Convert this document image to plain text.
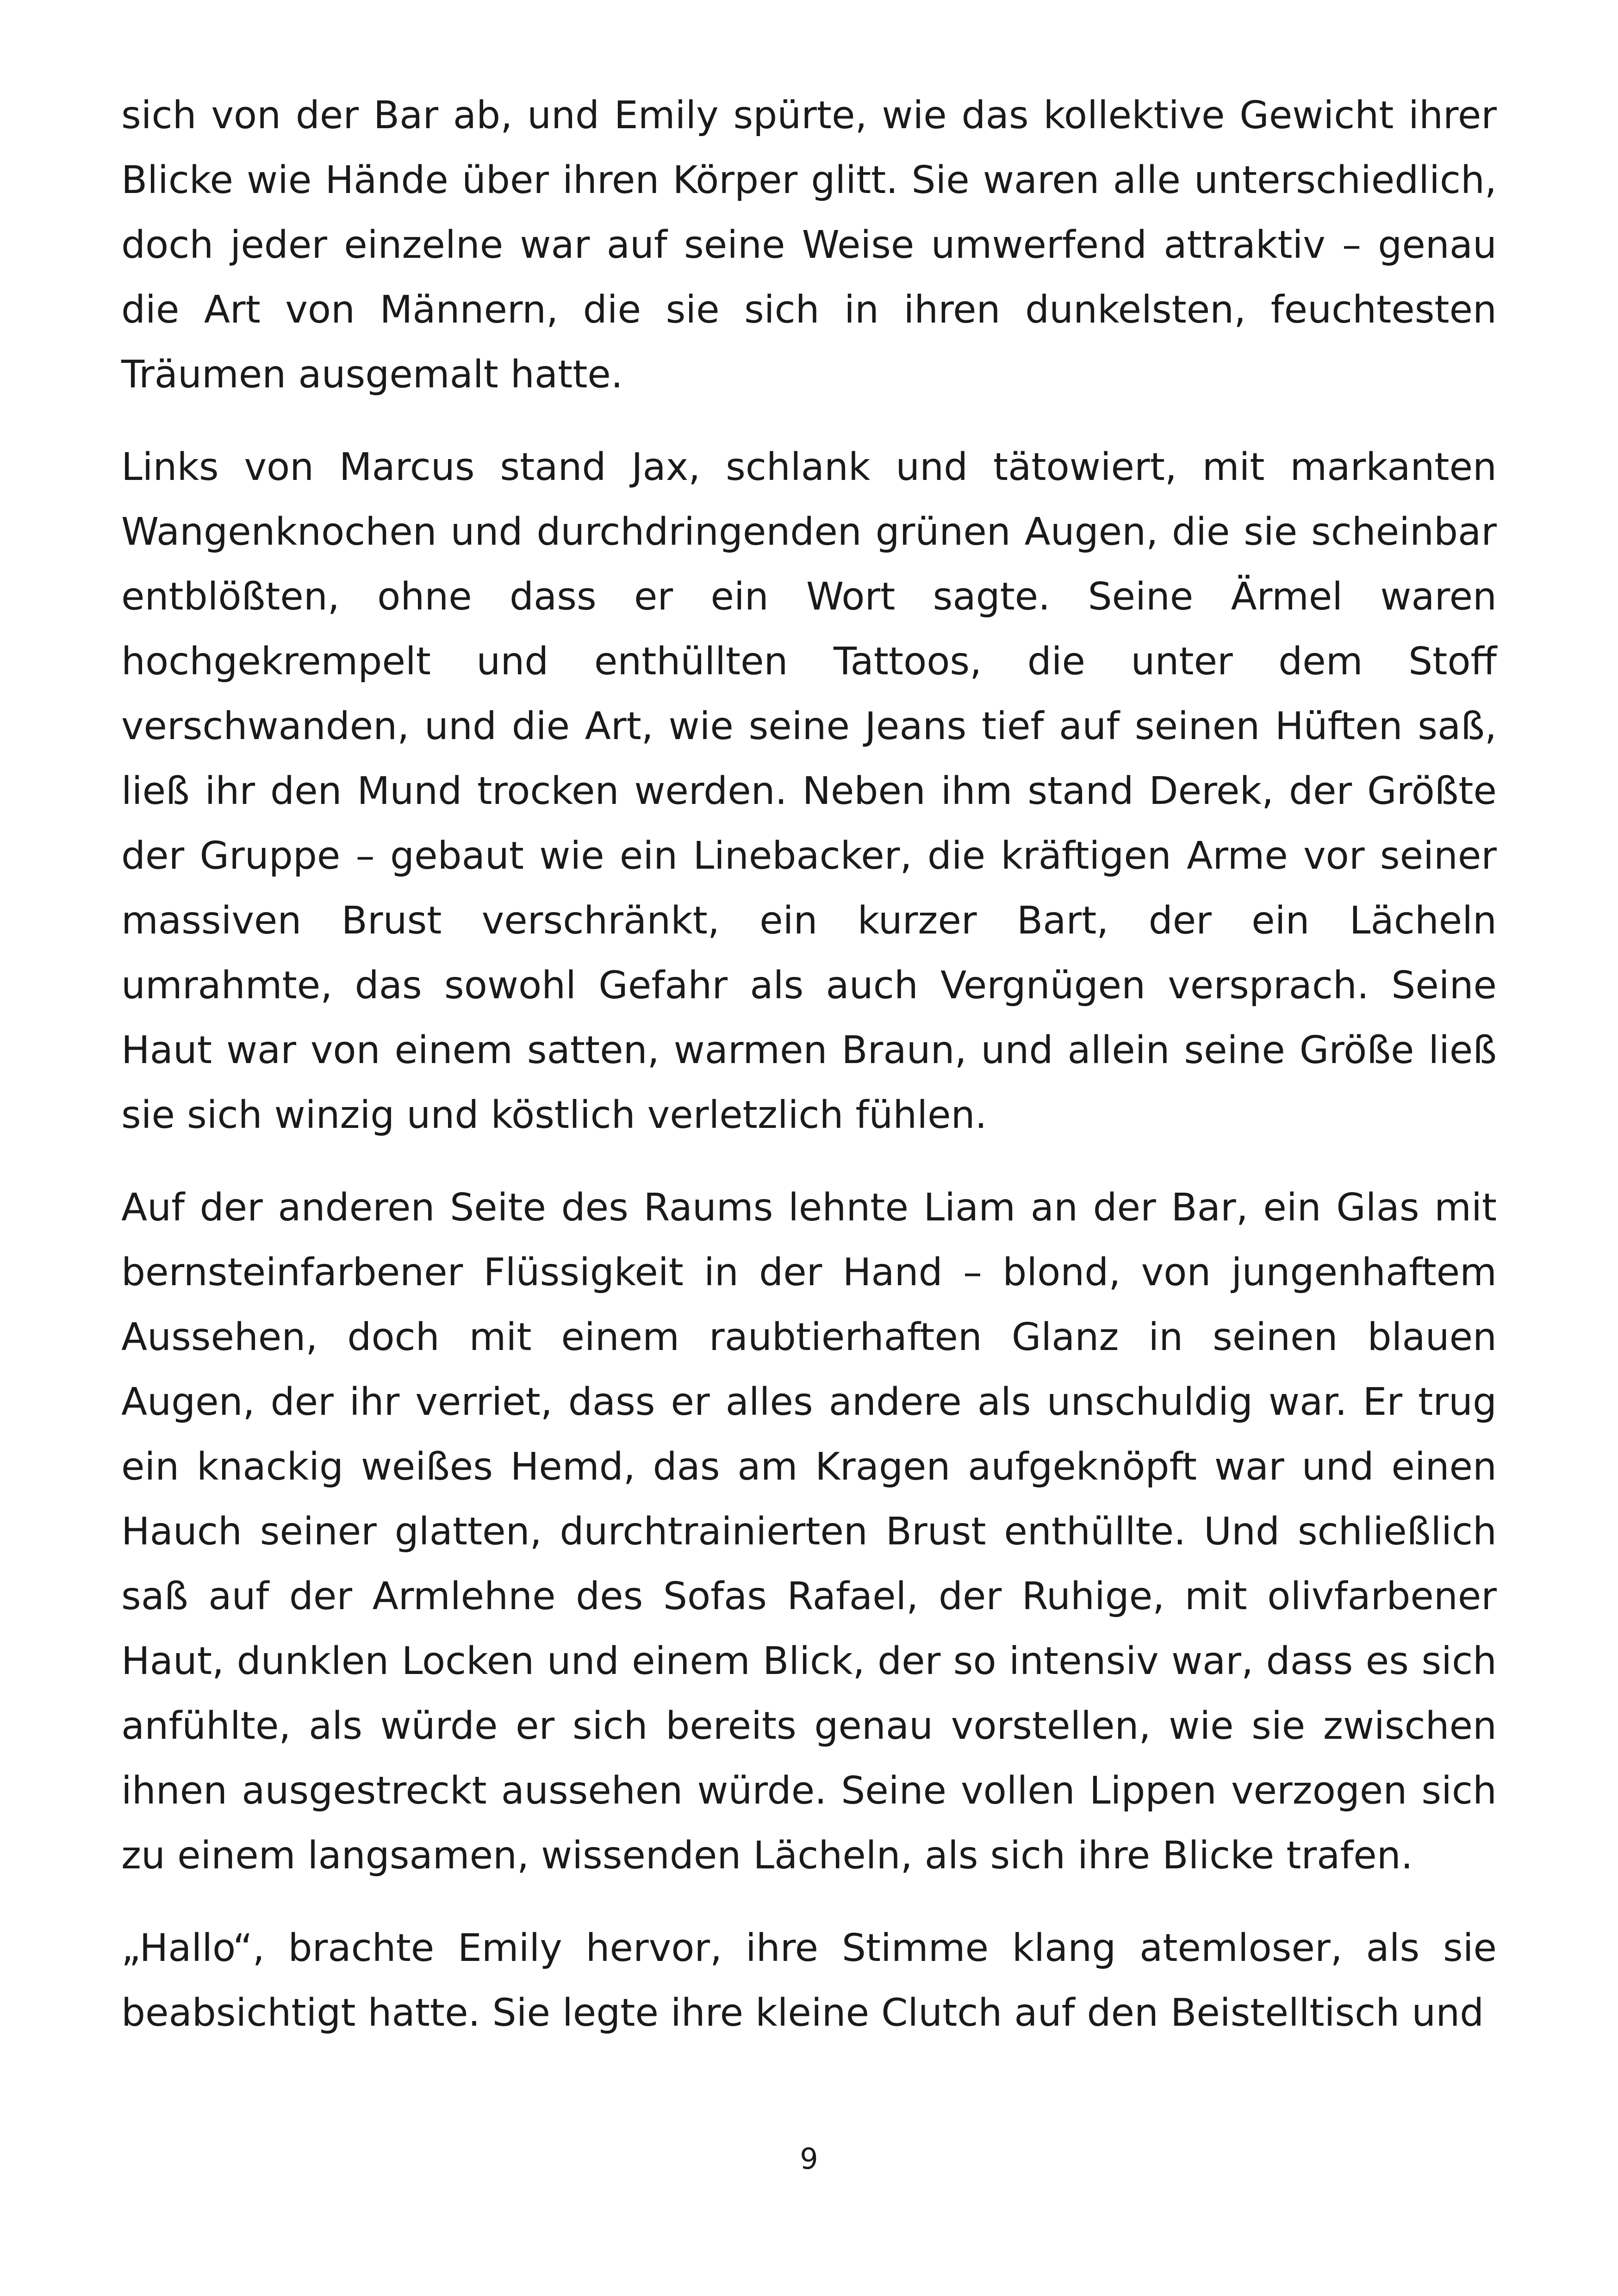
sich von der Bar ab, und Emily spürte, wie das kollektive Gewicht ihrer Blicke wie Hände über ihren Körper glitt. Sie waren alle unterschiedlich, doch jeder einzelne war auf seine Weise umwerfend attraktiv – genau die Art von Männern, die sie sich in ihren dunkelsten, feuchtesten Träumen ausgemalt hatte.

Links von Marcus stand Jax, schlank und tätowiert, mit markanten Wangenknochen und durchdringenden grünen Augen, die sie scheinbar entblößten, ohne dass er ein Wort sagte. Seine Ärmel waren hochgekrempelt und enthüllten Tattoos, die unter dem Stoff verschwanden, und die Art, wie seine Jeans tief auf seinen Hüften saß, ließ ihr den Mund trocken werden. Neben ihm stand Derek, der Größte der Gruppe – gebaut wie ein Linebacker, die kräftigen Arme vor seiner massiven Brust verschränkt, ein kurzer Bart, der ein Lächeln umrahmte, das sowohl Gefahr als auch Vergnügen versprach. Seine Haut war von einem satten, warmen Braun, und allein seine Größe ließ sie sich winzig und köstlich verletzlich fühlen.

Auf der anderen Seite des Raums lehnte Liam an der Bar, ein Glas mit bernsteinfarbener Flüssigkeit in der Hand – blond, von jungenhaftem Aussehen, doch mit einem raubtierhaften Glanz in seinen blauen Augen, der ihr verriet, dass er alles andere als unschuldig war. Er trug ein knackig weißes Hemd, das am Kragen aufgeknöpft war und einen Hauch seiner glatten, durchtrainierten Brust enthüllte. Und schließlich saß auf der Armlehne des Sofas Rafael, der Ruhige, mit olivfarbener Haut, dunklen Locken und einem Blick, der so intensiv war, dass es sich anfühlte, als würde er sich bereits genau vorstellen, wie sie zwischen ihnen ausgestreckt aussehen würde. Seine vollen Lippen verzogen sich zu einem langsamen, wissenden Lächeln, als sich ihre Blicke trafen.

„Hallo“, brachte Emily hervor, ihre Stimme klang atemloser, als sie beabsichtigt hatte. Sie legte ihre kleine Clutch auf den Beistelltisch und

9
